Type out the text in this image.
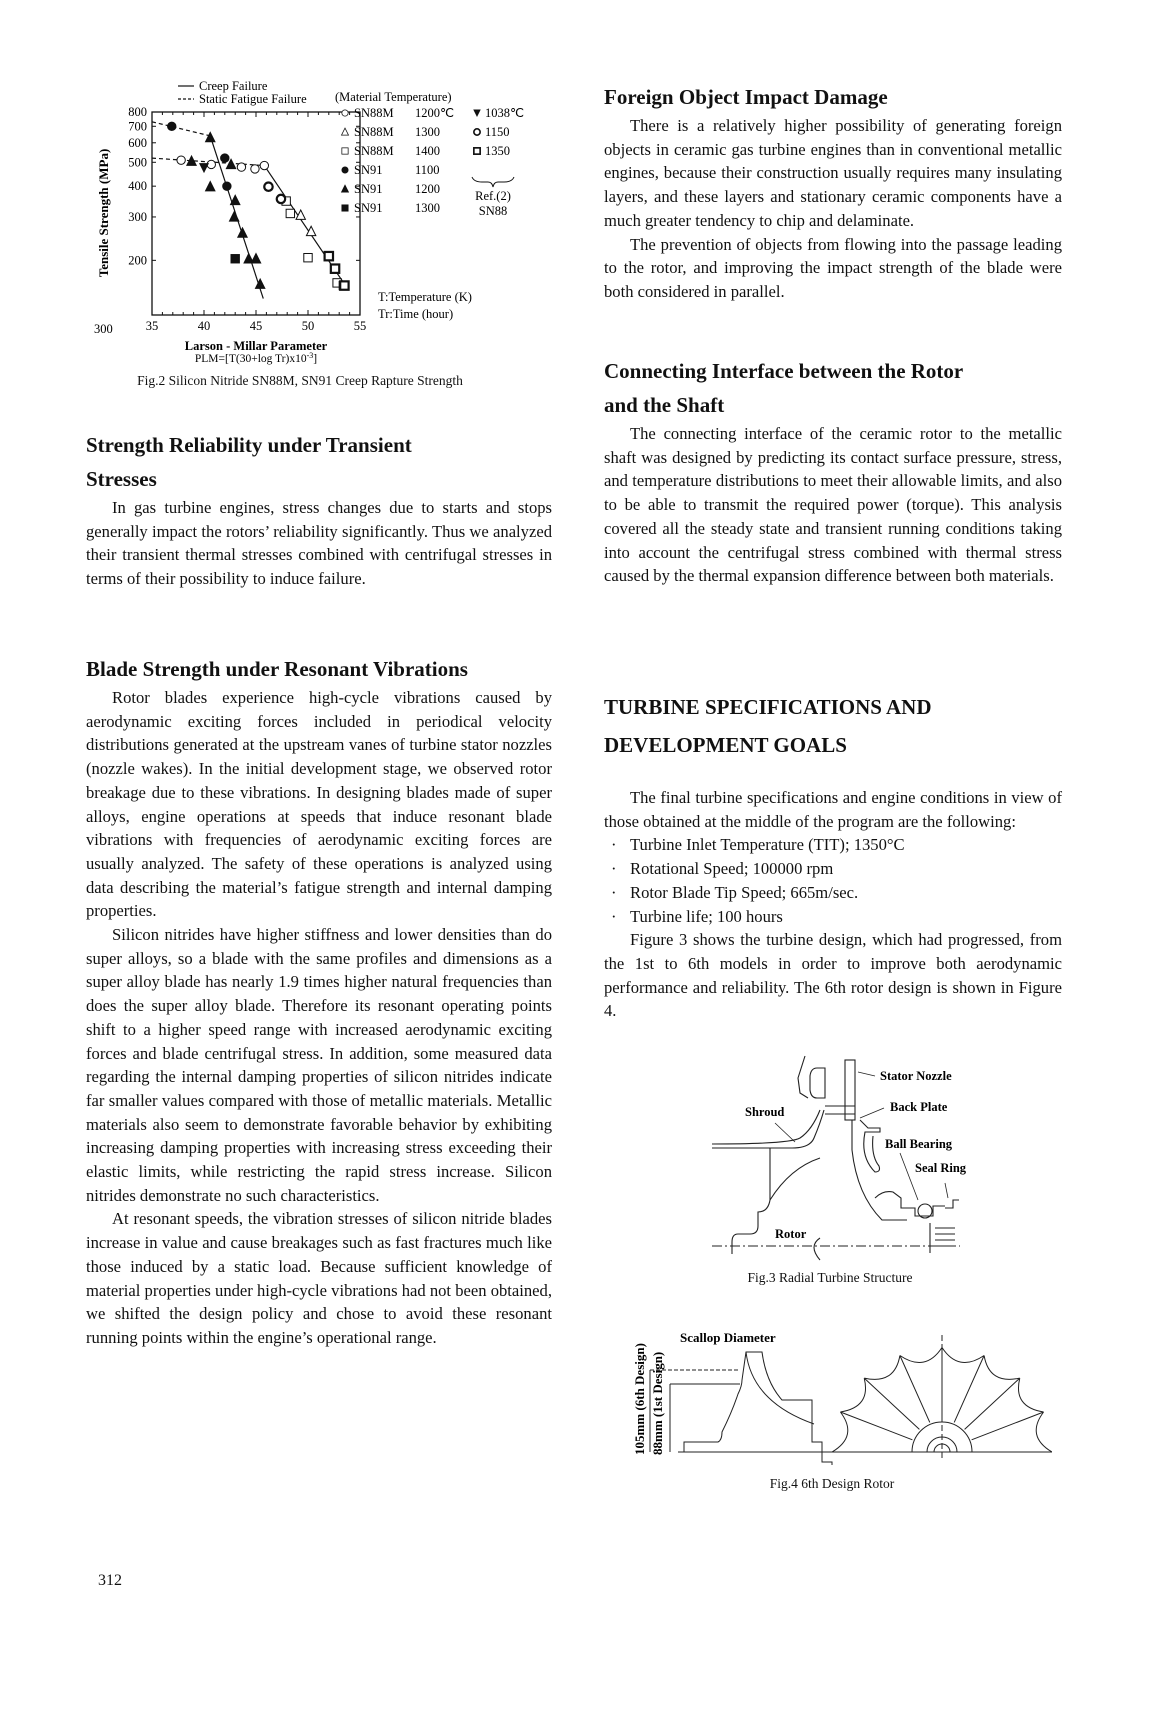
Creep Failure
Static Fatigue Failure
800
700
600
500
400
300
200
35	40	45	50	55
300
Tensile Strength (MPa)
Larson - Millar Parameter
PLM=[T(30+log $Tr)x10^{-3}$]
(Material Temperature)
SN88M 1200℃
SN88M 1300
SN88M 1400
SN91	1100
SN91	1200
SN91	1300
1038℃
1150
1350
Ref.(2)
SN88
T:Temperature (K)
Tr:Time (hour)
Fig.2 Silicon Nitride SN88M, SN91 Creep Rapture Strength
Strength Reliability under Transient
Stresses

In gas turbine engines, stress changes due to starts and stops generally impact the rotors’ reliability significantly. Thus we analyzed their transient thermal stresses combined with centrifugal stresses in terms of their possibility to induce failure.

Blade Strength under Resonant Vibrations

Rotor blades experience high-cycle vibrations caused by aerodynamic exciting forces included in periodical velocity distributions generated at the upstream vanes of turbine stator nozzles (nozzle wakes). In the initial development stage, we observed rotor breakage due to these vibrations. In designing blades made of super alloys, engine operations at speeds that induce resonant blade vibrations with frequencies of aerodynamic exciting forces are usually analyzed. The safety of these operations is analyzed using data describing the material’s fatigue strength and internal damping properties.

Silicon nitrides have higher stiffness and lower densities than do super alloys, so a blade with the same profiles and dimensions as a super alloy blade has nearly 1.9 times higher natural frequencies than does the super alloy blade. Therefore its resonant operating points shift to a higher speed range with increased aerodynamic exciting forces and blade centrifugal stress. In addition, some measured data regarding the internal damping properties of silicon nitrides indicate far smaller values compared with those of metallic materials. Metallic materials also seem to demonstrate favorable behavior by exhibiting increasing damping properties with increasing stress exceeding their elastic limits, while restricting the rapid stress increase. Silicon nitrides demonstrate no such characteristics.

At resonant speeds, the vibration stresses of silicon nitride blades increase in value and cause breakages such as fast fractures much like those induced by a static load. Because sufficient knowledge of material properties under high-cycle vibrations had not been obtained, we shifted the design policy and chose to avoid these resonant running points within the engine’s operational range.

312
Foreign Object Impact Damage

There is a relatively higher possibility of generating foreign objects in ceramic gas turbine engines than in conventional metallic engines, because their construction usually requires many insulating layers, and these layers and stationary ceramic components have a much greater tendency to chip and delaminate.

The prevention of objects from flowing into the passage leading to the rotor, and improving the impact strength of the blade were both considered in parallel.

Connecting Interface between the Rotor
and the Shaft

The connecting interface of the ceramic rotor to the metallic shaft was designed by predicting its contact surface pressure, stress, and temperature distributions to meet their allowable limits, and also to be able to transmit the required power (torque). This analysis covered all the steady state and transient running conditions taking into account the centrifugal stress combined with thermal stress caused by the thermal expansion difference between both materials.

TURBINE SPECIFICATIONS AND
DEVELOPMENT GOALS

The final turbine specifications and engine conditions in view of those obtained at the middle of the program are the following:

· Turbine Inlet Temperature (TIT); 1350°C
· Rotational Speed; 100000 rpm
· Rotor Blade Tip Speed; 665m/sec.
· Turbine life; 100 hours

Figure 3 shows the turbine design, which had progressed, from the 1st to 6th models in order to improve both aerodynamic performance and reliability. The 6th rotor design is shown in Figure 4.

Stator Nozzle
Back Plate
Shroud
Ball Bearing
Seal Ring
Rotor
Fig.3 Radial Turbine Structure
105mm (6th Design) 88mm (1st Design)
Scallop Diameter
Fig.4 6th Design Rotor
